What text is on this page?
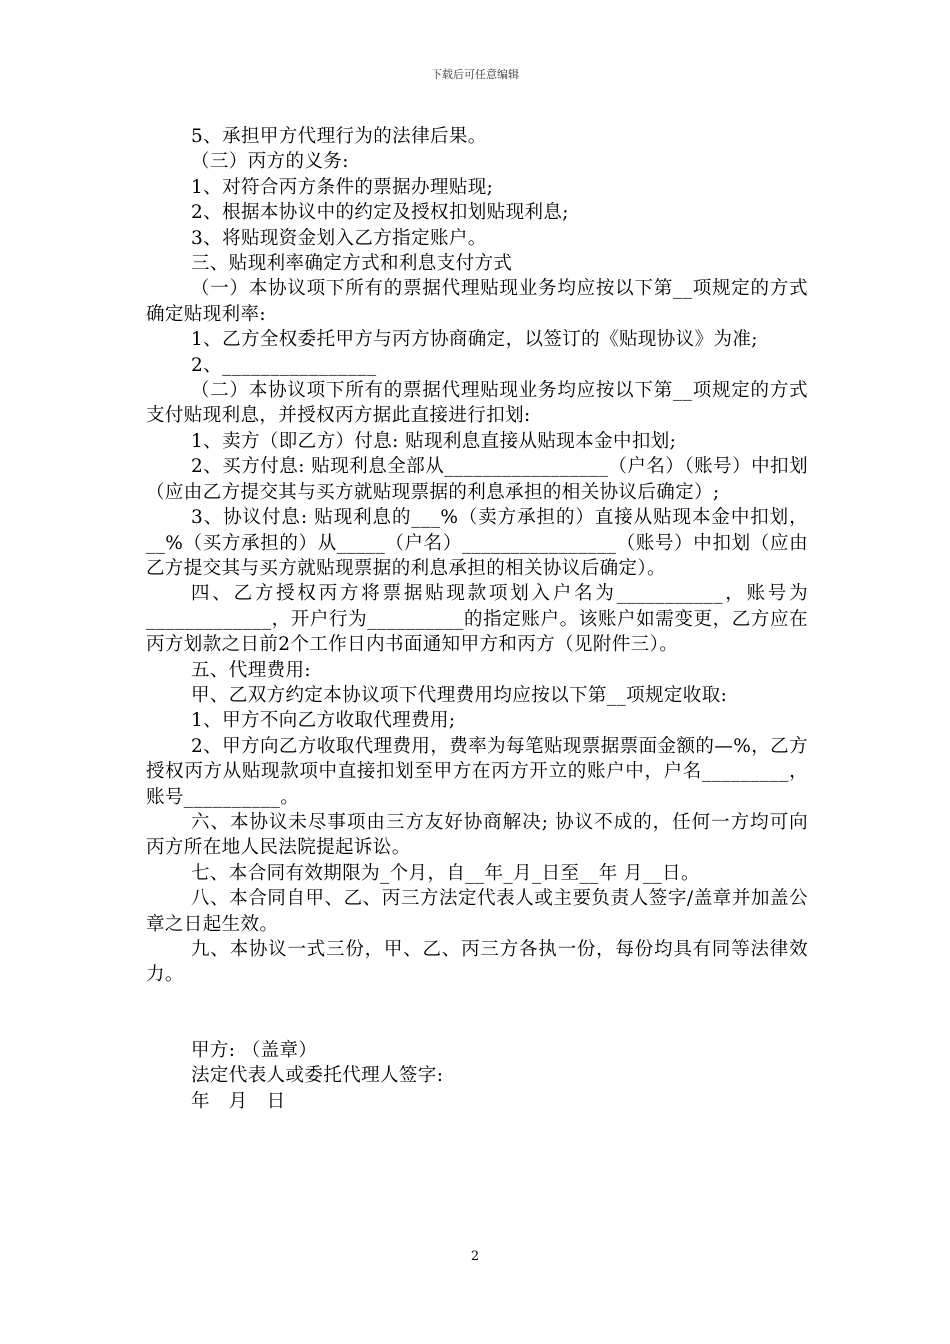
下载后可任意编辑

5、承担甲方代理行为的法律后果。

（三）丙方的义务:

1、对符合丙方条件的票据办理贴现;

2、根据本协议中的约定及授权扣划贴现利息;

3、将贴现资金划入乙方指定账户。

三、贴现利率确定方式和利息支付方式

（一）本协议项下所有的票据代理贴现业务均应按以下第__项规定的方式确定贴现利率:

1、乙方全权委托甲方与丙方协商确定，以签订的《贴现协议》为准;

2、________________

（二）本协议项下所有的票据代理贴现业务均应按以下第__项规定的方式支付贴现利息，并授权丙方据此直接进行扣划:

1、卖方（即乙方）付息: 贴现利息直接从贴现本金中扣划;

2、买方付息: 贴现利息全部从_________________（户名）（账号）中扣划（应由乙方提交其与买方就贴现票据的利息承担的相关协议后确定）;

3、协议付息: 贴现利息的___%（卖方承担的）直接从贴现本金中扣划，__%（买方承担的）从_____（户名）________________（账号）中扣划（应由乙方提交其与买方就贴现票据的利息承担的相关协议后确定）。

四、乙方授权丙方将票据贴现款项划入户名为___________，账号为_____________，开户行为__________的指定账户。该账户如需变更，乙方应在丙方划款之日前2个工作日内书面通知甲方和丙方（见附件三）。

五、代理费用:

甲、乙双方约定本协议项下代理费用均应按以下第__项规定收取:

1、甲方不向乙方收取代理费用;

2、甲方向乙方收取代理费用，费率为每笔贴现票据票面金额的—%，乙方授权丙方从贴现款项中直接扣划至甲方在丙方开立的账户中，户名_________，账号__________。

六、本协议未尽事项由三方友好协商解决; 协议不成的，任何一方均可向丙方所在地人民法院提起诉讼。

七、本合同有效期限为_个月，自__年_月_日至__年 月__日。

八、本合同自甲、乙、丙三方法定代表人或主要负责人签字/盖章并加盖公章之日起生效。

九、本协议一式三份，甲、乙、丙三方各执一份，每份均具有同等法律效力。

甲方: （盖章）

法定代表人或委托代理人签字:

年　月　日

2
